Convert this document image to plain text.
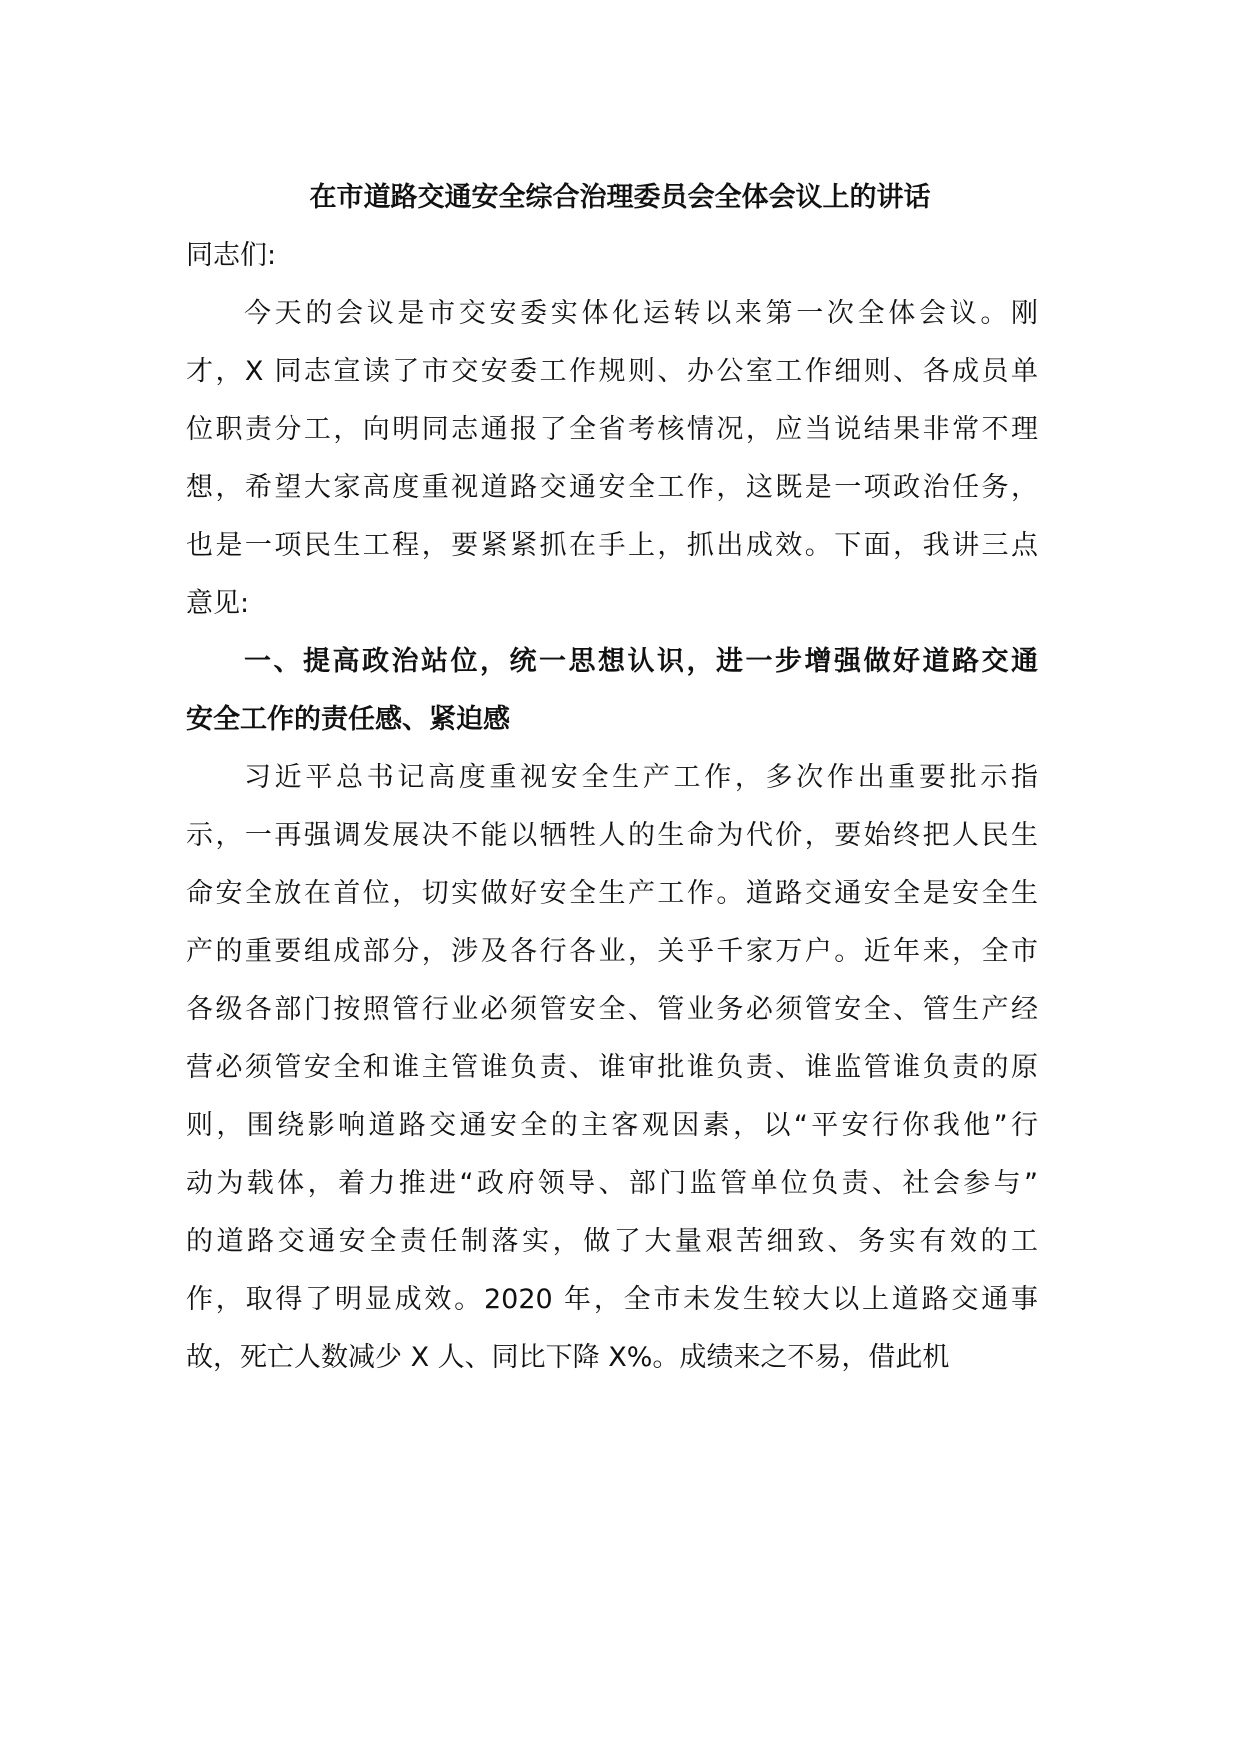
在市道路交通安全综合治理委员会全体会议上的讲话

同志们:

今天的会议是市交安委实体化运转以来第一次全体会议。刚

才，X 同志宣读了市交安委工作规则、办公室工作细则、各成员单

位职责分工，向明同志通报了全省考核情况，应当说结果非常不理

想，希望大家高度重视道路交通安全工作，这既是一项政治任务，

也是一项民生工程，要紧紧抓在手上，抓出成效。下面，我讲三点

意见:

一、提高政治站位，统一思想认识，进一步增强做好道路交通

安全工作的责任感、紧迫感

习近平总书记高度重视安全生产工作，多次作出重要批示指

示，一再强调发展决不能以牺牲人的生命为代价，要始终把人民生

命安全放在首位，切实做好安全生产工作。道路交通安全是安全生

产的重要组成部分，涉及各行各业，关乎千家万户。近年来，全市

各级各部门按照管行业必须管安全、管业务必须管安全、管生产经

营必须管安全和谁主管谁负责、谁审批谁负责、谁监管谁负责的原

则，围绕影响道路交通安全的主客观因素，以“平安行你我他”行

动为载体，着力推进“政府领导、部门监管单位负责、社会参与”

的道路交通安全责任制落实，做了大量艰苦细致、务实有效的工

作，取得了明显成效。2020 年，全市未发生较大以上道路交通事

故，死亡人数减少 X 人、同比下降 X%。成绩来之不易，借此机
